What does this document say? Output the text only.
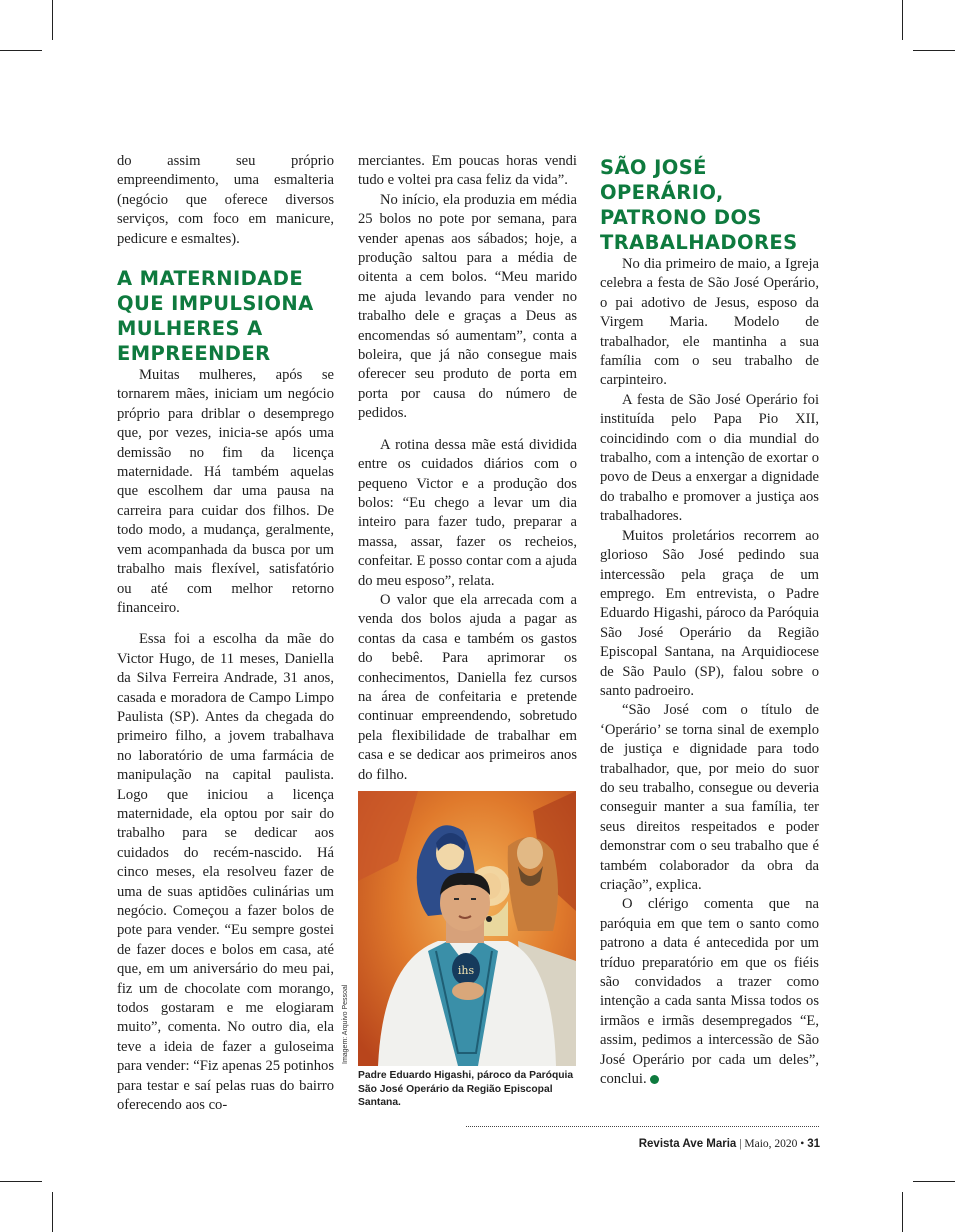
do assim seu próprio empreendimento, uma esmalteria (negócio que oferece diversos serviços, com foco em manicure, pedicure e esmaltes).

A MATERNIDADE QUE IMPULSIONA MULHERES A EMPREENDER

Muitas mulheres, após se tornarem mães, iniciam um negócio próprio para driblar o desemprego que, por vezes, inicia-se após uma demissão no fim da licença maternidade. Há também aquelas que escolhem dar uma pausa na carreira para cuidar dos filhos. De todo modo, a mudança, geralmente, vem acompanhada da busca por um trabalho mais flexível, satisfatório ou até com melhor retorno financeiro.

Essa foi a escolha da mãe do Victor Hugo, de 11 meses, Daniella da Silva Ferreira Andrade, 31 anos, casada e moradora de Campo Limpo Paulista (SP). Antes da chegada do primeiro filho, a jovem trabalhava no laboratório de uma farmácia de manipulação na capital paulista. Logo que iniciou a licença maternidade, ela optou por sair do trabalho para se dedicar aos cuidados do recém-nascido. Há cinco meses, ela resolveu fazer de uma de suas aptidões culinárias um negócio. Começou a fazer bolos de pote para vender. “Eu sempre gostei de fazer doces e bolos em casa, até que, em um aniversário do meu pai, fiz um de chocolate com morango, todos gostaram e me elogiaram muito”, comenta. No outro dia, ela teve a ideia de fazer a guloseima para vender: “Fiz apenas 25 potinhos para testar e saí pelas ruas do bairro oferecendo aos co-

merciantes. Em poucas horas vendi tudo e voltei pra casa feliz da vida”.

No início, ela produzia em média 25 bolos no pote por semana, para vender apenas aos sábados; hoje, a produção saltou para a média de oitenta a cem bolos. “Meu marido me ajuda levando para vender no trabalho dele e graças a Deus as encomendas só aumentam”, conta a boleira, que já não consegue mais oferecer seu produto de porta em porta por causa do número de pedidos.

A rotina dessa mãe está dividida entre os cuidados diários com o pequeno Victor e a produção dos bolos: “Eu chego a levar um dia inteiro para fazer tudo, preparar a massa, assar, fazer os recheios, confeitar. E posso contar com a ajuda do meu esposo”, relata.

O valor que ela arrecada com a venda dos bolos ajuda a pagar as contas da casa e também os gastos do bebê. Para aprimorar os conhecimentos, Daniella fez cursos na área de confeitaria e pretende continuar empreendendo, sobretudo pela flexibilidade de trabalhar em casa e se dedicar aos primeiros anos do filho.

ihs
Imagem: Arquivo Pessoal
Padre Eduardo Higashi, pároco da Paróquia São José Operário da Região Episcopal Santana.
SÃO JOSÉ OPERÁRIO, PATRONO DOS TRABALHADORES

No dia primeiro de maio, a Igreja celebra a festa de São José Operário, o pai adotivo de Jesus, esposo da Virgem Maria. Modelo de trabalhador, ele mantinha a sua família com o seu trabalho de carpinteiro.

A festa de São José Operário foi instituída pelo Papa Pio XII, coincidindo com o dia mundial do trabalho, com a intenção de exortar o povo de Deus a enxergar a dignidade do trabalho e promover a justiça aos trabalhadores.

Muitos proletários recorrem ao glorioso São José pedindo sua intercessão pela graça de um emprego. Em entrevista, o Padre Eduardo Higashi, pároco da Paróquia São José Operário da Região Episcopal Santana, na Arquidiocese de São Paulo (SP), falou sobre o santo padroeiro.

“São José com o título de ‘Operário’ se torna sinal de exemplo de justiça e dignidade para todo trabalhador, que, por meio do suor do seu trabalho, consegue ou deveria conseguir manter a sua família, ter seus direitos respeitados e poder demonstrar com o seu trabalho que é também colaborador da obra da criação”, explica.

O clérigo comenta que na paróquia em que tem o santo como patrono a data é antecedida por um tríduo preparatório em que os fiéis são convidados a trazer como intenção a cada santa Missa todos os irmãos e irmãs desempregados “E, assim, pedimos a intercessão de São José Operário por cada um deles”, conclui.

Revista Ave Maria | Maio, 2020 • 31
